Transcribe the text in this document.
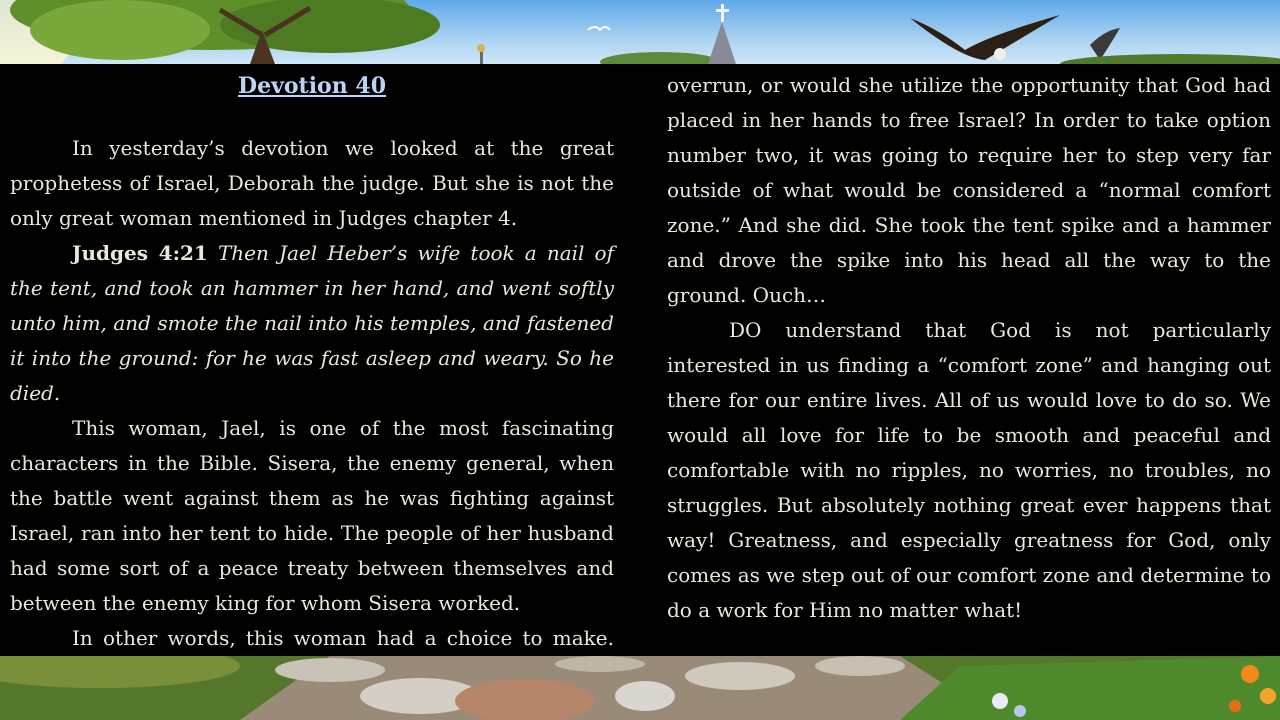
Devotion 40

In yesterday’s devotion we looked at the great prophetess of Israel, Deborah the judge. But she is not the only great woman mentioned in Judges chapter 4.

Judges 4:21 Then Jael Heber’s wife took a nail of the tent, and took an hammer in her hand, and went softly unto him, and smote the nail into his temples, and fastened it into the ground: for he was fast asleep and weary. So he died.

This woman, Jael, is one of the most fascinating characters in the Bible. Sisera, the enemy general, when the battle went against them as he was fighting against Israel, ran into her tent to hide. The people of her husband had some sort of a peace treaty between themselves and between the enemy king for whom Sisera worked.

In other words, this woman had a choice to make.

overrun, or would she utilize the opportunity that God had placed in her hands to free Israel? In order to take option number two, it was going to require her to step very far outside of what would be considered a “normal comfort zone.” And she did. She took the tent spike and a hammer and drove the spike into his head all the way to the ground. Ouch…

DO understand that God is not particularly interested in us finding a “comfort zone” and hanging out there for our entire lives. All of us would love to do so. We would all love for life to be smooth and peaceful and comfortable with no ripples, no worries, no troubles, no struggles. But absolutely nothing great ever happens that way! Greatness, and especially greatness for God, only comes as we step out of our comfort zone and determine to do a work for Him no matter what!
